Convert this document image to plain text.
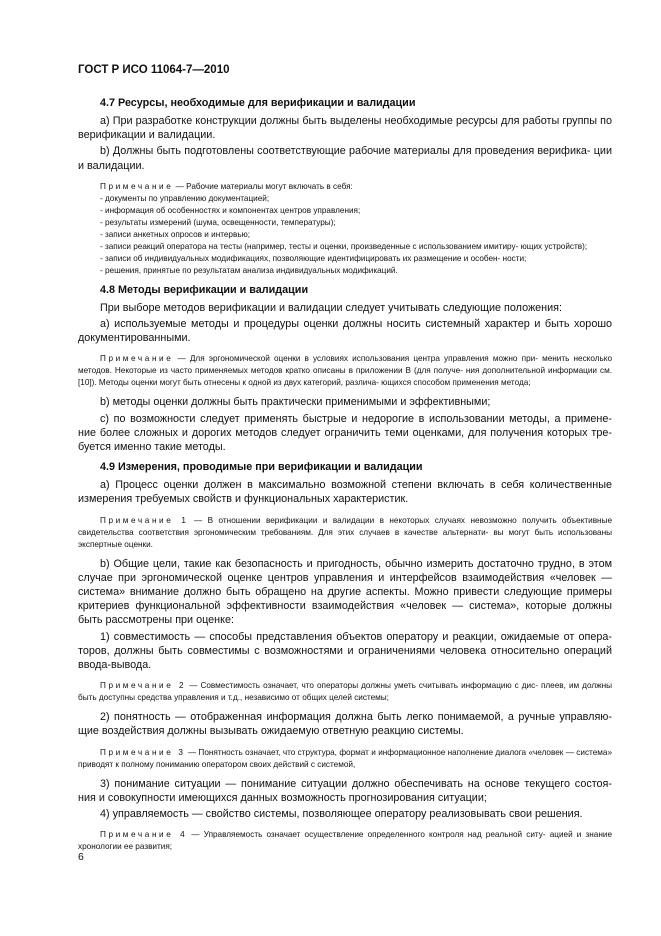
ГОСТ Р ИСО 11064-7—2010

4.7 Ресурсы, необходимые для верификации и валидации

a) При разработке конструкции должны быть выделены необходимые ресурсы для работы группы по верификации и валидации.

b) Должны быть подготовлены соответствующие рабочие материалы для проведения верифика- ции и валидации.

Примечание — Рабочие материалы могут включать в себя:

- документы по управлению документацией;

- информация об особенностях и компонентах центров управления;

- результаты измерений (шума, освещенности, температуры);

- записи анкетных опросов и интервью;

- записи реакций оператора на тесты (например, тесты и оценки, произведенные с использованием имитиру- ющих устройств);

- записи об индивидуальных модификациях, позволяющие идентифицировать их размещение и особен- ности;

- решения, принятые по результатам анализа индивидуальных модификаций.

4.8 Методы верификации и валидации

При выборе методов верификации и валидации следует учитывать следующие положения:

a) используемые методы и процедуры оценки должны носить системный характер и быть хорошо документированными.

Примечание — Для эргономической оценки в условиях использования центра управления можно при- менить несколько методов. Некоторые из часто применяемых методов кратко описаны в приложении В (для получе- ния дополнительной информации см. [10]). Методы оценки могут быть отнесены к одной из двух категорий, различа- ющихся способом применения метода;

b) методы оценки должны быть практически применимыми и эффективными;

c) по возможности следует применять быстрые и недорогие в использовании методы, а примене- ние более сложных и дорогих методов следует ограничить теми оценками, для получения которых тре- буется именно такие методы.

4.9 Измерения, проводимые при верификации и валидации

a) Процесс оценки должен в максимально возможной степени включать в себя количественные измерения требуемых свойств и функциональных характеристик.

Примечание 1 — В отношении верификации и валидации в некоторых случаях невозможно получить объективные свидетельства соответствия эргономическим требованиям. Для этих случаев в качестве альтернати- вы могут быть использованы экспертные оценки.

b) Общие цели, такие как безопасность и пригодность, обычно измерить достаточно трудно, в этом случае при эргономической оценке центров управления и интерфейсов взаимодействия «человек — система» внимание должно быть обращено на другие аспекты. Можно привести следующие примеры критериев функциональной эффективности взаимодействия «человек — система», которые должны быть рассмотрены при оценке:

1) совместимость — способы представления объектов оператору и реакции, ожидаемые от опера- торов, должны быть совместимы с возможностями и ограничениями человека относительно операций ввода-вывода.

Примечание 2 — Совместимость означает, что операторы должны уметь считывать информацию с дис- плеев, им должны быть доступны средства управления и т.д., независимо от общих целей системы;

2) понятность — отображенная информация должна быть легко понимаемой, а ручные управляю- щие воздействия должны вызывать ожидаемую ответную реакцию системы.

Примечание 3 — Понятность означает, что структура, формат и информационное наполнение диалога «человек — система» приводят к полному пониманию оператором своих действий с системой,

3) понимание ситуации — понимание ситуации должно обеспечивать на основе текущего состоя- ния и совокупности имеющихся данных возможность прогнозирования ситуации;

4) управляемость — свойство системы, позволяющее оператору реализовывать свои решения.

Примечание 4 — Управляемость означает осуществление определенного контроля над реальной ситу- ацией и знание хронологии ее развития;

6
